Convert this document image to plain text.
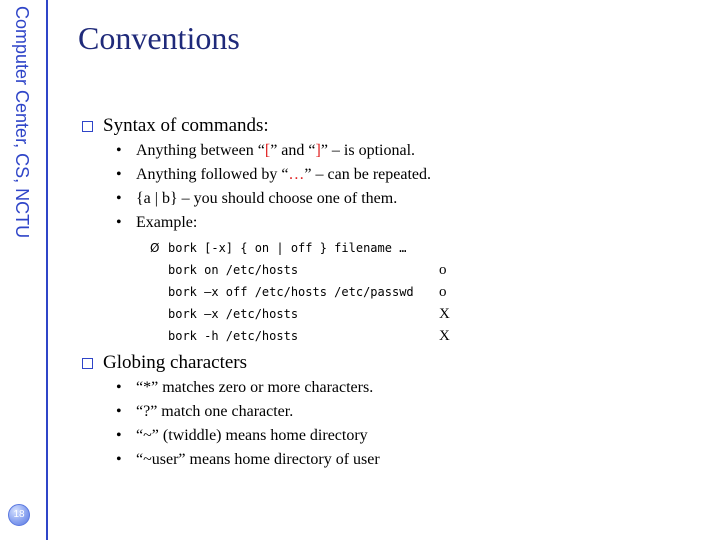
Computer Center, CS, NCTU
18
Conventions
Syntax of commands:
• Anything between “[” and “]” – is optional.
• Anything followed by “…” – can be repeated.
• {a | b} – you should choose one of them.
• Example:
Ø bork [-x] { on | off } filename …
bork on /etc/hosts	o
bork –x off /etc/hosts /etc/passwd o
bork –x /etc/hosts	X
bork -h /etc/hosts	X
Globing characters
• “*” matches zero or more characters.
• “?” match one character.
• “~” (twiddle) means home directory
• “~user” means home directory of user
